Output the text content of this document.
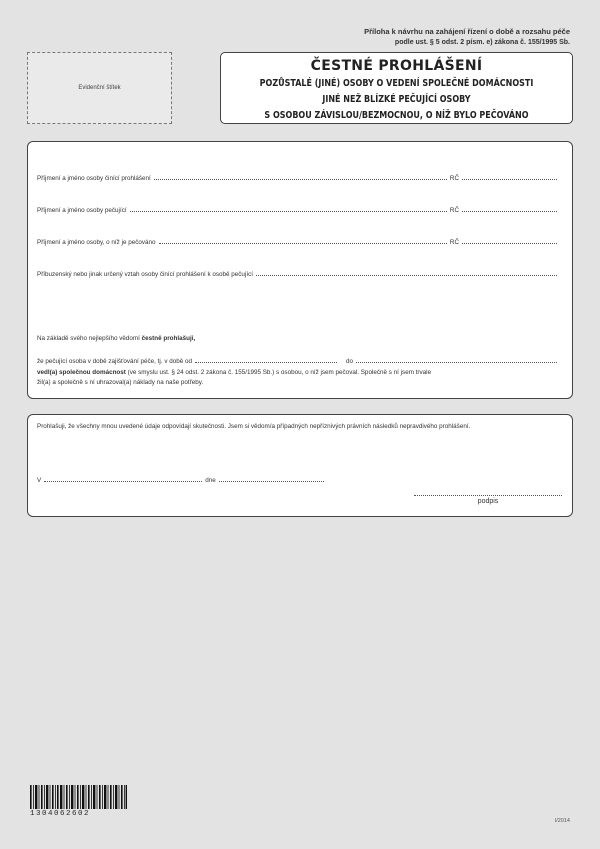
Příloha k návrhu na zahájení řízení o době a rozsahu péče
podle ust. § 5 odst. 2 písm. e) zákona č. 155/1995 Sb.
Evidenční štítek
ČESTNÉ PROHLÁŠENÍ
POZŮSTALÉ (JINÉ) OSOBY O VEDENÍ SPOLEČNÉ DOMÁCNOSTI
JINÉ NEŽ BLÍZKÉ PEČUJÍCÍ OSOBY
S OSOBOU ZÁVISLOU/BEZMOCNOU, O NÍŽ BYLO PEČOVÁNO
Příjmení a jméno osoby činící prohlášení	RČ
Příjmení a jméno osoby pečující	RČ
Příjmení a jméno osoby, o níž je pečováno	RČ
Příbuzenský nebo jinak určený vztah osoby činící prohlášení k osobě pečující
Na základě svého nejlepšího vědomí čestně prohlašuji,
že pečující osoba v době zajišťování péče, tj. v době od	do
vedl(a) společnou domácnost (ve smyslu ust. § 24 odst. 2 zákona č. 155/1995 Sb.) s osobou, o níž jsem pečoval. Společně s ní jsem trvale
žil(a) a společně s ní uhrazoval(a) náklady na naše potřeby.
Prohlašuji, že všechny mnou uvedené údaje odpovídají skutečnosti. Jsem si vědom/a případných nepříznivých právních následků nepravdivého prohlášení.
V	dne
podpis
1304062602
I/2014
